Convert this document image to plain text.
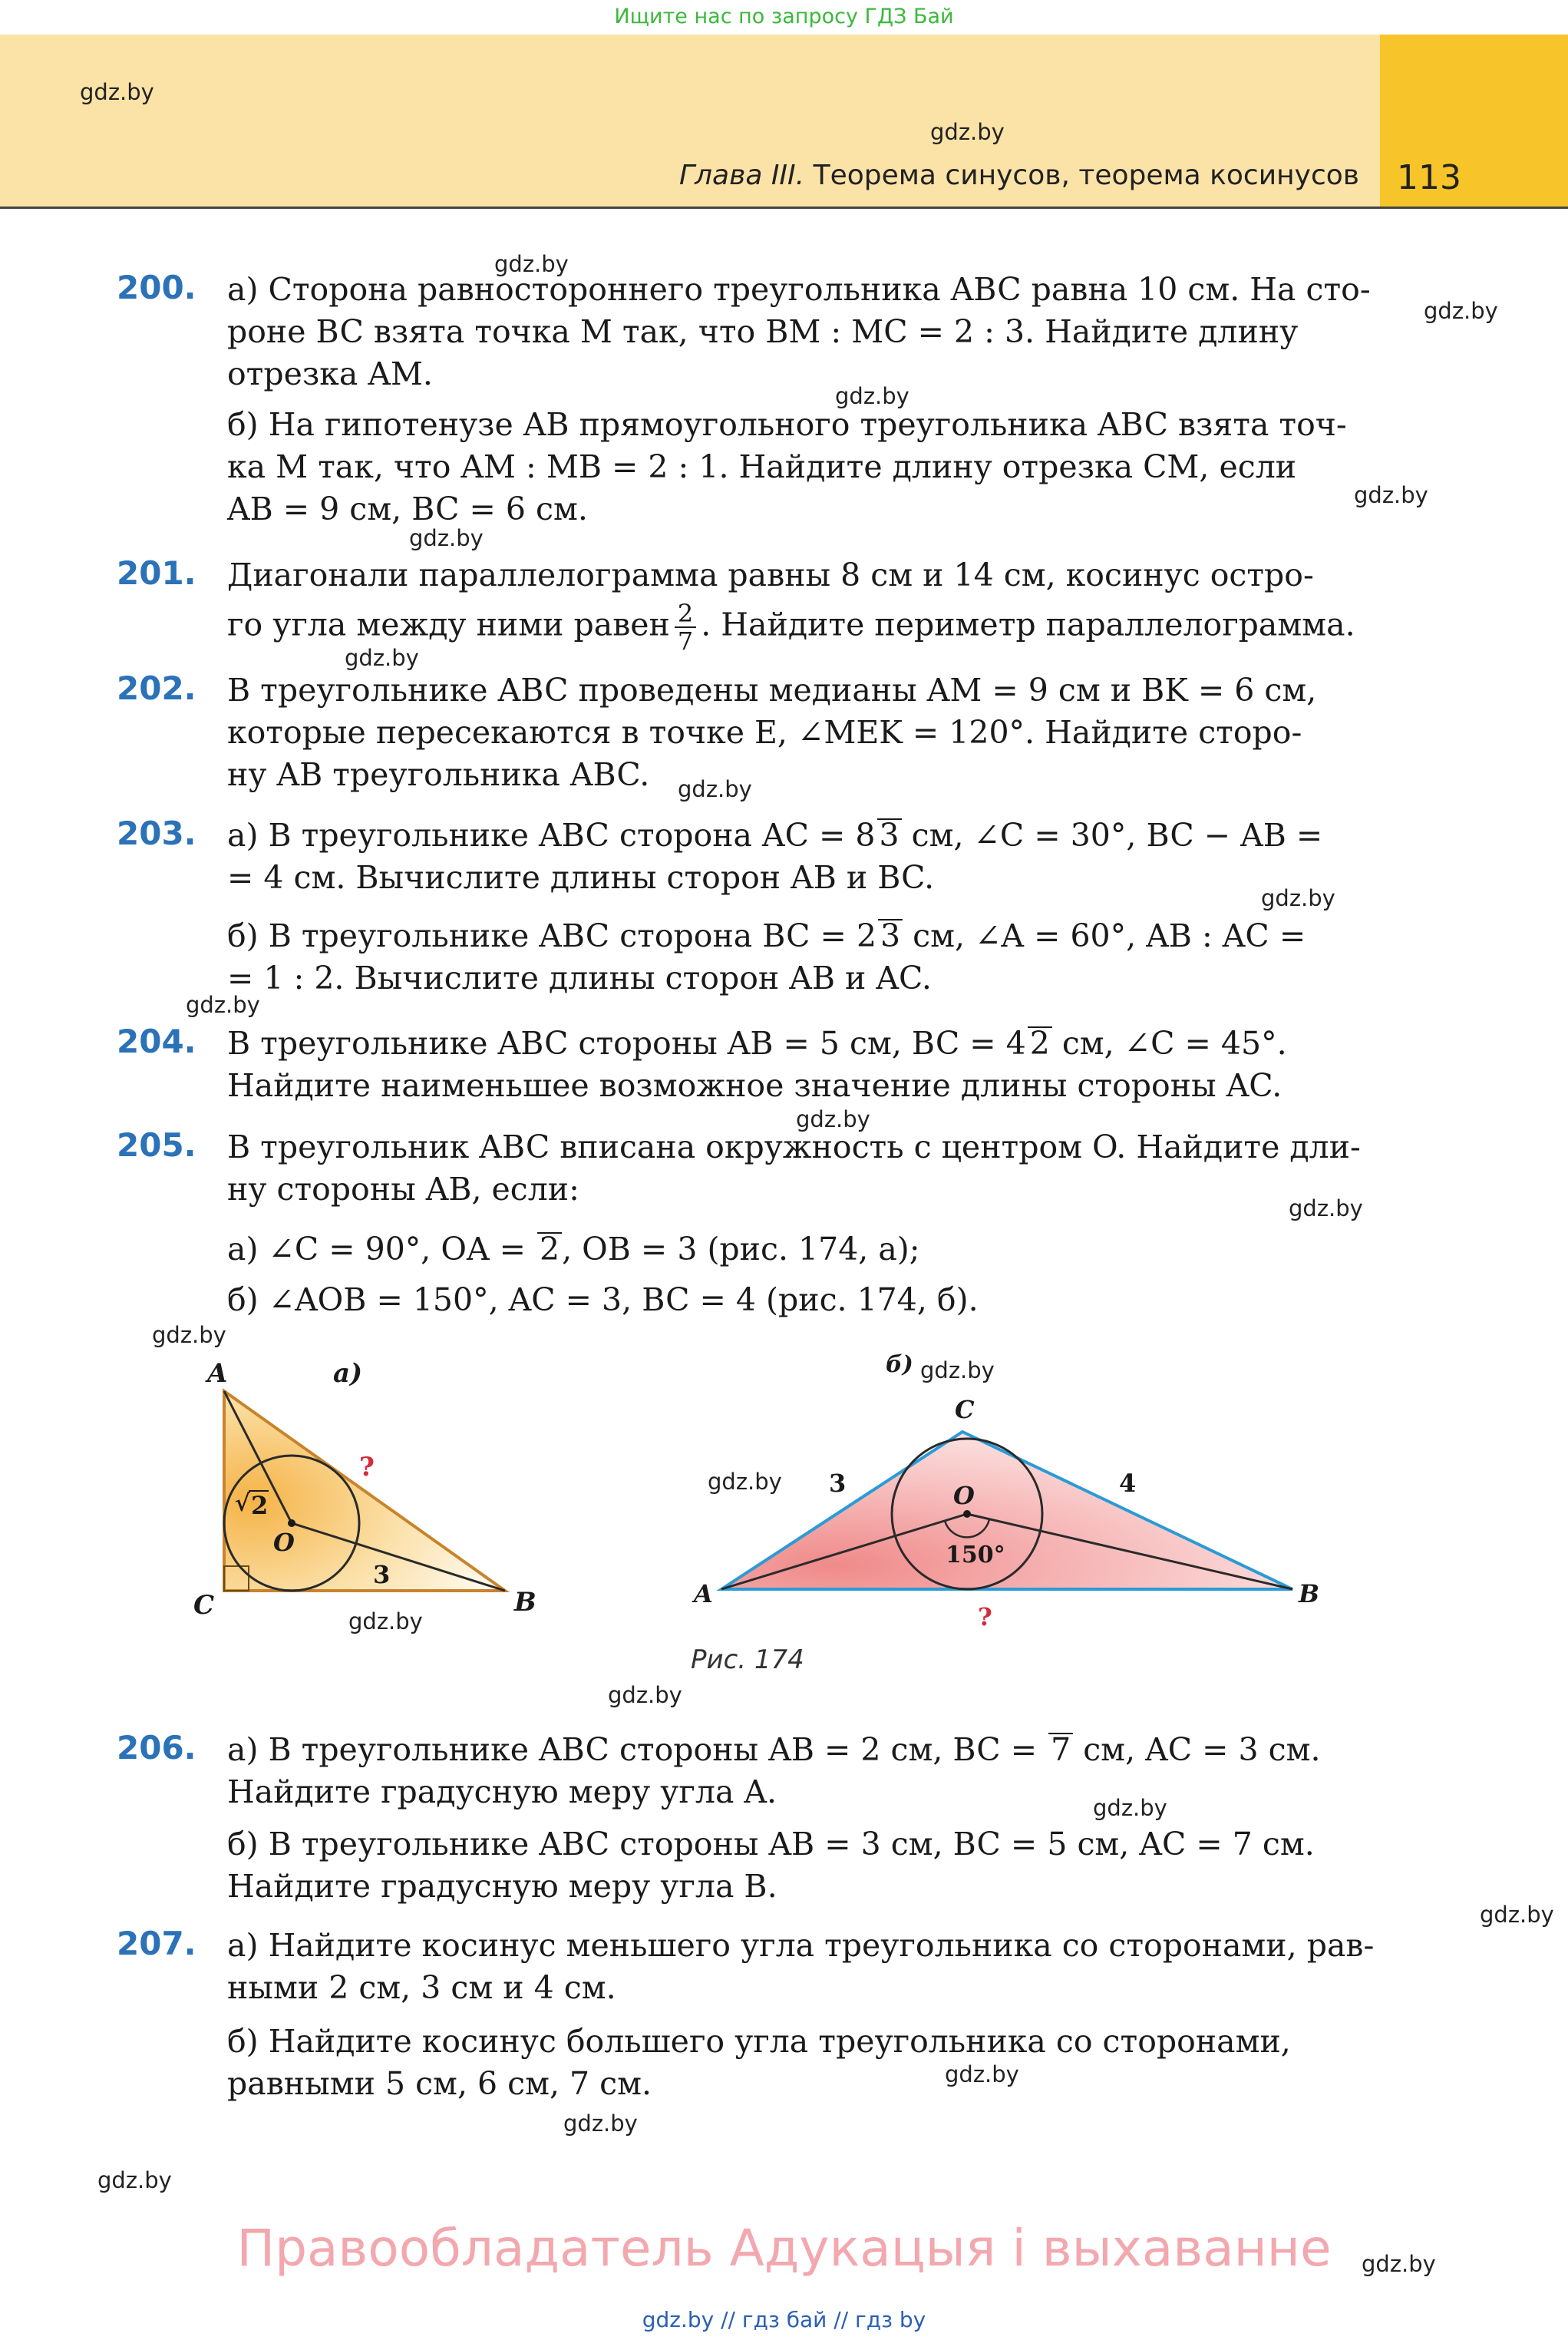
Ищите нас по запросу ГДЗ Бай
Глава III. Теорема синусов, теорема косинусов 113
gdz.by
gdz.by
gdz.by
gdz.by
gdz.by
gdz.by
gdz.by
gdz.by
gdz.by
gdz.by
gdz.by
gdz.by
gdz.by
gdz.by
gdz.by
gdz.by
gdz.by
gdz.by
gdz.by
gdz.by
gdz.by
gdz.by
gdz.by
gdz.by
200. а) Сторона равностороннего треугольника ABC равна 10 см. На сто-
роне BC взята точка M так, что BM : MC = 2 : 3. Найдите длину
отрезка AM.
б) На гипотенузе AB прямоугольного треугольника ABC взята точ-
ка M так, что AM : MB = 2 : 1. Найдите длину отрезка CM, если
AB = 9 см, BC = 6 см.
201. Диагонали параллелограмма равны 8 см и 14 см, косинус остро-
го угла между ними равен $\frac{2}{7}$ . Найдите периметр параллелограмма.
202. В треугольнике ABC проведены медианы AM = 9 см и BK = 6 см,
которые пересекаются в точке E, ∠MEK = 120°. Найдите сторо-
ну AB треугольника ABC.
203. а) В треугольнике ABC сторона AC = 8 3 см, ∠C = 30°, BC − AB =
= 4 см. Вычислите длины сторон AB и BC.
б) В треугольнике ABC сторона BC = 2 3 см, ∠A = 60°, AB : AC =
= 1 : 2. Вычислите длины сторон AB и AC.
204. В треугольнике ABC стороны AB = 5 см, BC = 4 2 см, ∠C = 45°.
Найдите наименьшее возможное значение длины стороны AC.
205. В треугольник ABC вписана окружность с центром O. Найдите дли-
ну стороны AB, если:
а) ∠C = 90°, OA = 2, OB = 3 (рис. 174, а);
б) ∠AOB = 150°, AC = 3, BC = 4 (рис. 174, б).
A	а)
C	B
O
√ 2
3
?
б)
C
A	B
O
3	4
150°
?
Рис. 174
206. а) В треугольнике ABC стороны AB = 2 см, BC = 7 см, AC = 3 см.
Найдите градусную меру угла A.
б) В треугольнике ABC стороны AB = 3 см, BC = 5 см, AC = 7 см.
Найдите градусную меру угла B.
207. а) Найдите косинус меньшего угла треугольника со сторонами, рав-
ными 2 см, 3 см и 4 см.
б) Найдите косинус большего угла треугольника со сторонами,
равными 5 см, 6 см, 7 см.
Правообладатель Адукацыя і выхаванне
gdz.by // гдз бай // гдз by
